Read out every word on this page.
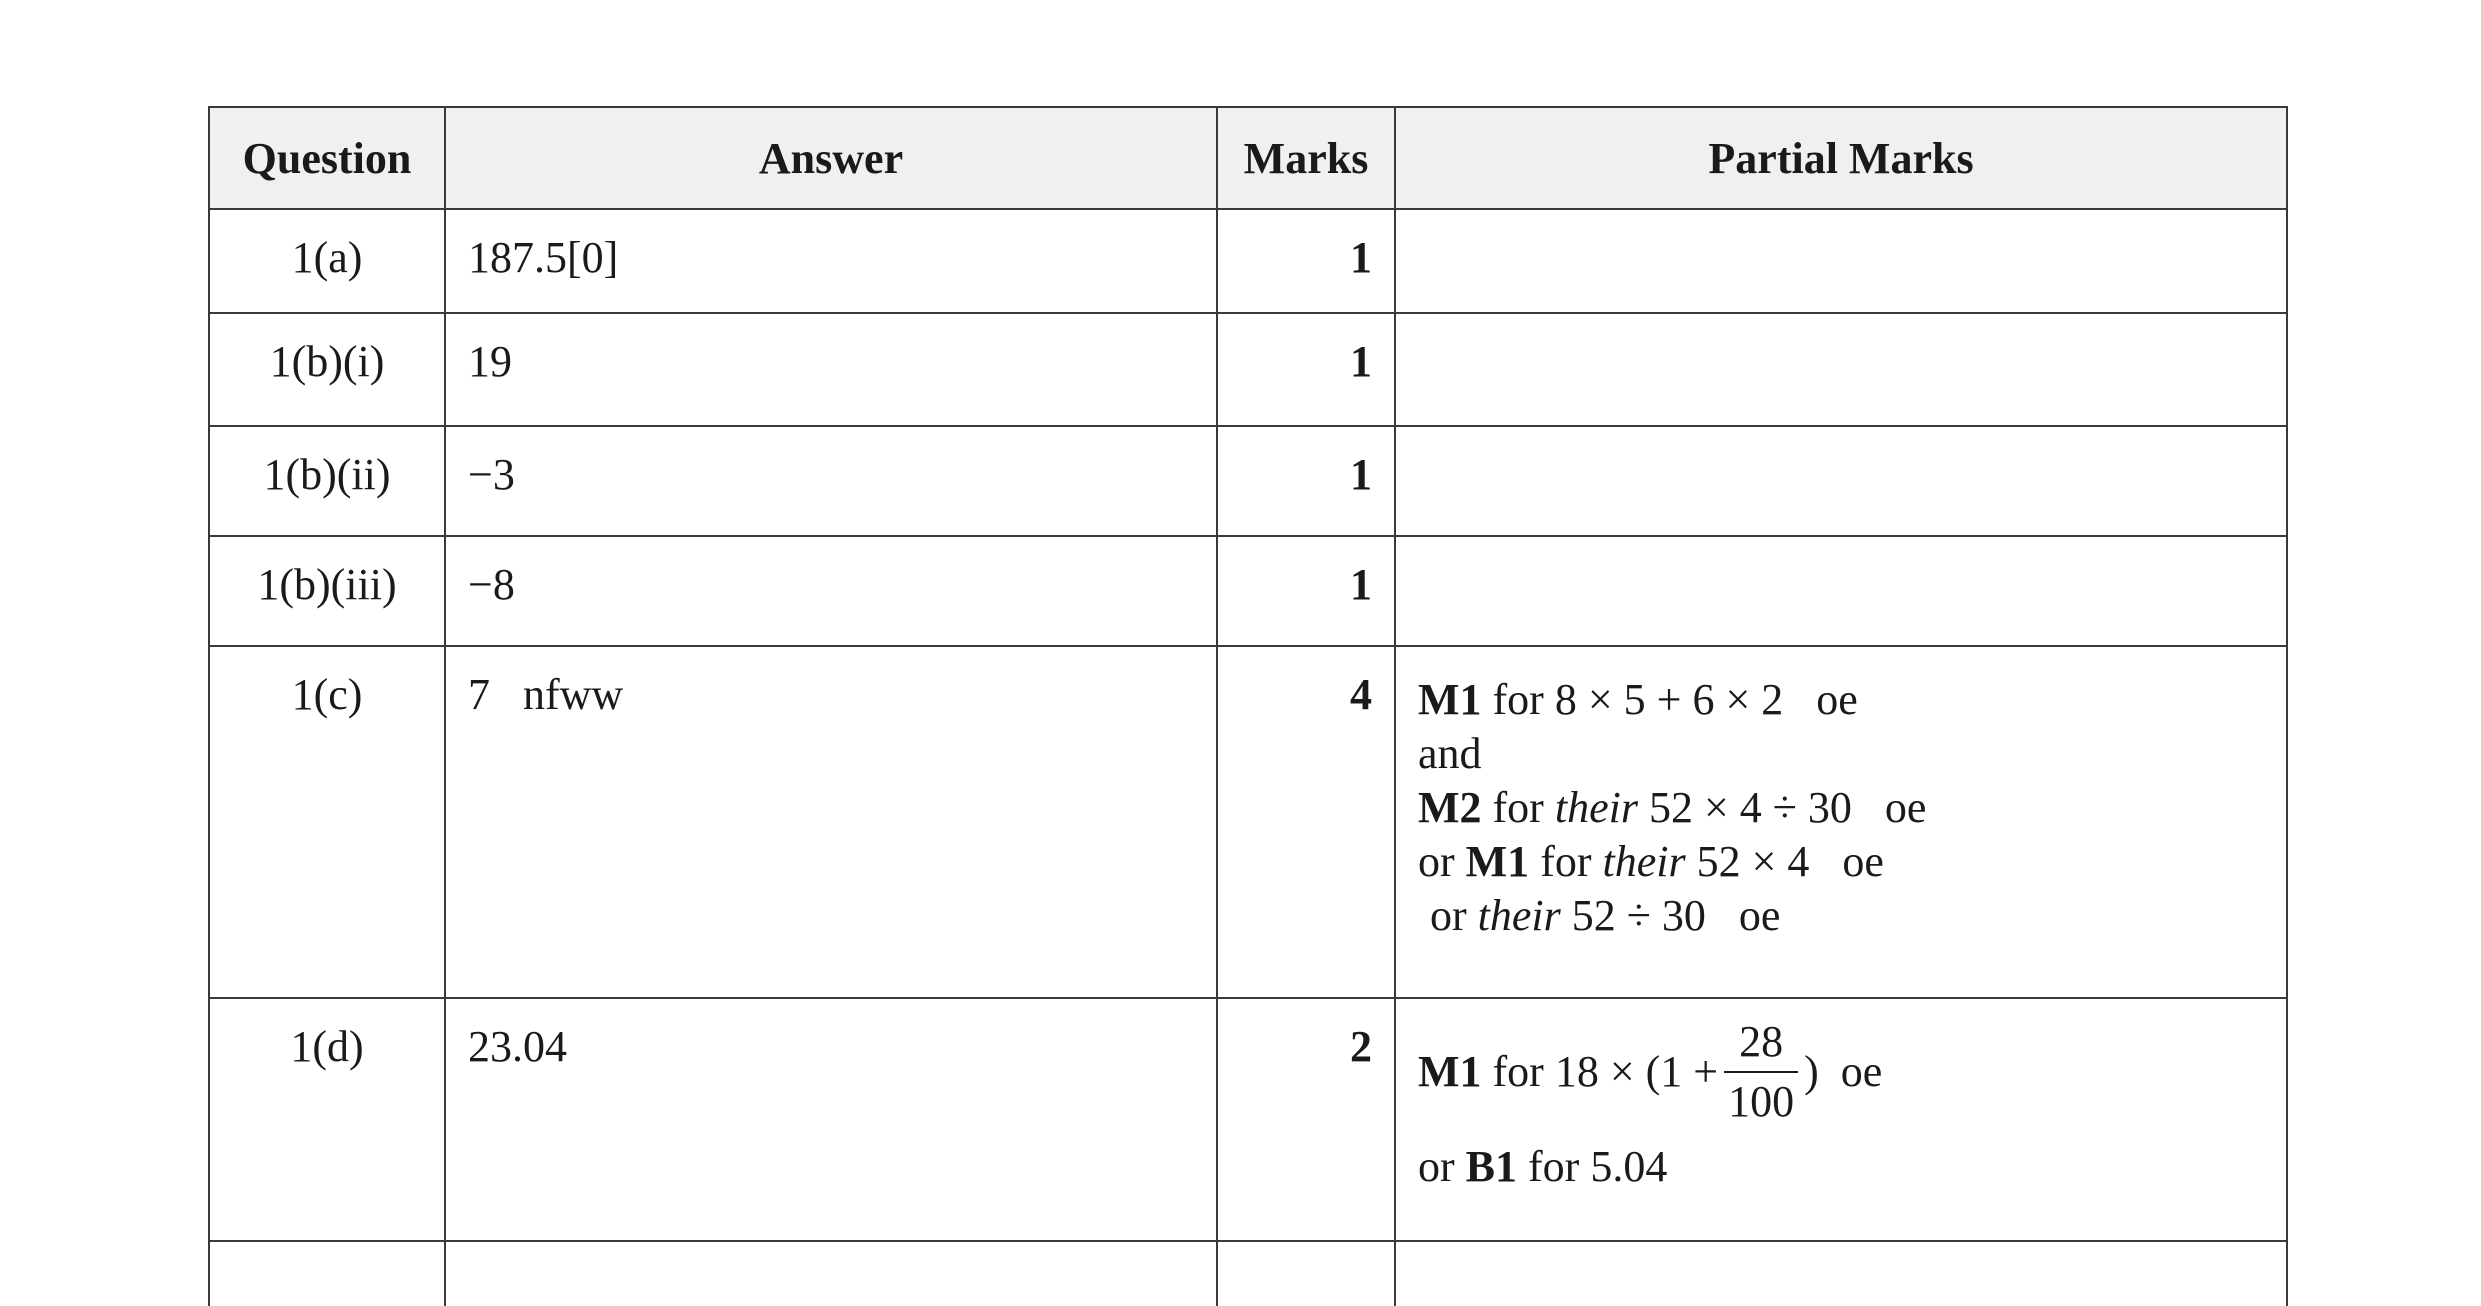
Question	Answer	Marks	Partial Marks
1(a)	187.5[0]	1	
1(b)(i)	19	1	
1(b)(ii)	−3	1	
1(b)(iii)	−8	1	
1(c)	7   nfww	4	M1 for 8 × 5 + 6 × 2   oe
and
M2 for their 52 × 4 ÷ 30   oe
or M1 for their 52 × 4   oe
or their 52 ÷ 30   oe

1(d)	23.04	2	M1 for $18 \times (1 + \frac{28}{100}$ )  oe
or B1 for 5.04
